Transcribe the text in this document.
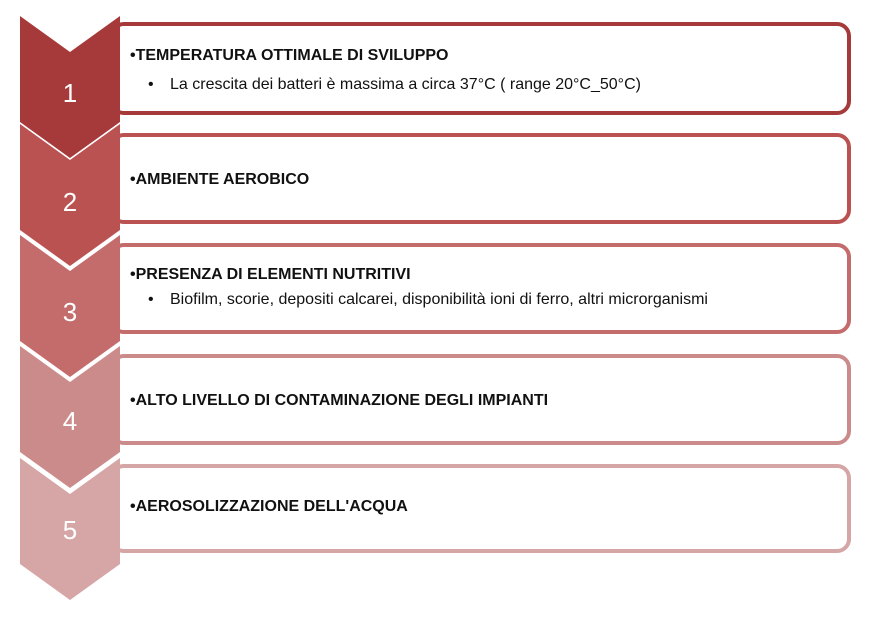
1
•TEMPERATURA OTTIMALE DI SVILUPPO
• La crescita dei batteri è massima a circa 37°C ( range 20°C_50°C)
2
•AMBIENTE AEROBICO
3
•PRESENZA DI ELEMENTI NUTRITIVI
• Biofilm, scorie, depositi calcarei, disponibilità ioni di ferro, altri microrganismi
4
•ALTO LIVELLO DI CONTAMINAZIONE DEGLI IMPIANTI
5
•AEROSOLIZZAZIONE DELL'ACQUA
